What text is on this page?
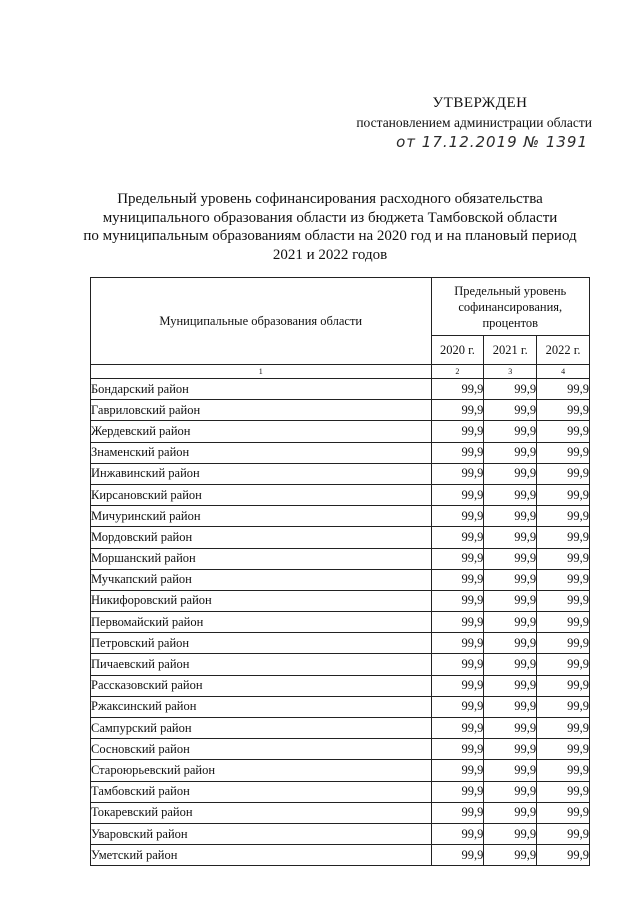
УТВЕРЖДЕН
постановлением администрации области
от 17.12.2019 № 1391
Предельный уровень софинансирования расходного обязательства
муниципального образования области из бюджета Тамбовской области
по муниципальным образованиям области на 2020 год и на плановый период
2021 и 2022 годов
Муниципальные образования области	Предельный уровень софинансирования, процентов		
	2020 г.	2021 г.	2022 г.
1	2	3	4
Бондарский район	99,9	99,9	99,9
Гавриловский район	99,9	99,9	99,9
Жердевский район	99,9	99,9	99,9
Знаменский район	99,9	99,9	99,9
Инжавинский район	99,9	99,9	99,9
Кирсановский район	99,9	99,9	99,9
Мичуринский район	99,9	99,9	99,9
Мордовский район	99,9	99,9	99,9
Моршанский район	99,9	99,9	99,9
Мучкапский район	99,9	99,9	99,9
Никифоровский район	99,9	99,9	99,9
Первомайский район	99,9	99,9	99,9
Петровский район	99,9	99,9	99,9
Пичаевский район	99,9	99,9	99,9
Рассказовский район	99,9	99,9	99,9
Ржаксинский район	99,9	99,9	99,9
Сампурский район	99,9	99,9	99,9
Сосновский район	99,9	99,9	99,9
Староюрьевский район	99,9	99,9	99,9
Тамбовский район	99,9	99,9	99,9
Токаревский район	99,9	99,9	99,9
Уваровский район	99,9	99,9	99,9
Уметский район	99,9	99,9	99,9
